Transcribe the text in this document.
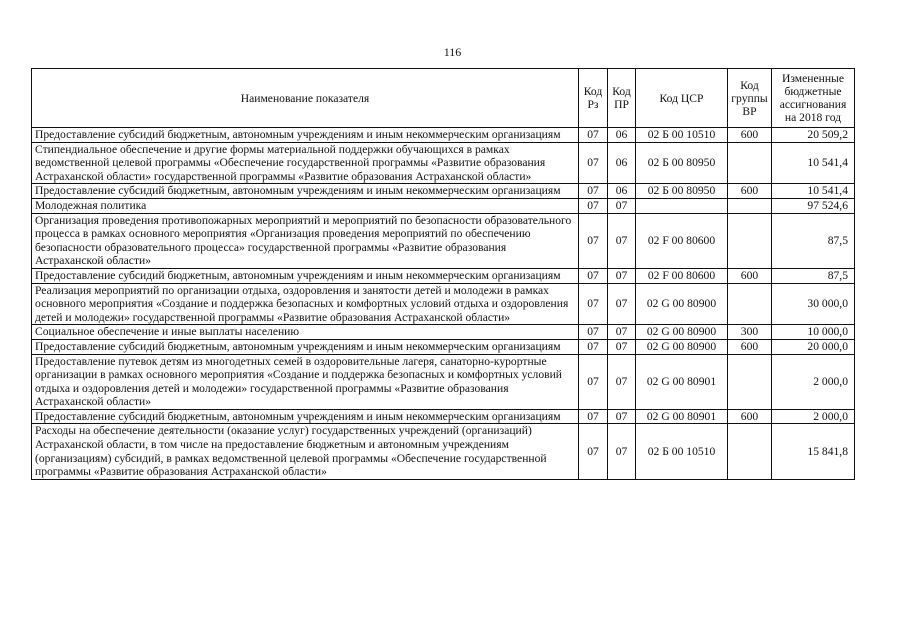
116
Наименование показателя	Код Рз	Код ПР	Код ЦСР	Код группы ВР	Измененные бюджетные ассигнования на 2018 год
Предоставление субсидий бюджетным, автономным учреждениям и иным некоммерческим организациям	07	06	02 Б 00 10510	600	20 509,2
Стипендиальное обеспечение и другие формы материальной поддержки обучающихся в рамках ведомственной целевой программы «Обеспечение государственной программы «Развитие образования Астраханской области» государственной программы «Развитие образования Астраханской области»	07	06	02 Б 00 80950		10 541,4
Предоставление субсидий бюджетным, автономным учреждениям и иным некоммерческим организациям	07	06	02 Б 00 80950	600	10 541,4
Молодежная политика	07	07			97 524,6
Организация проведения противопожарных мероприятий и мероприятий по безопасности образовательного процесса в рамках основного мероприятия «Организация проведения мероприятий по обеспечению безопасности образовательного процесса» государственной программы «Развитие образования Астраханской области»	07	07	02 F 00 80600		87,5
Предоставление субсидий бюджетным, автономным учреждениям и иным некоммерческим организациям	07	07	02 F 00 80600	600	87,5
Реализация мероприятий по организации отдыха, оздоровления и занятости детей и молодежи в рамках основного мероприятия «Создание и поддержка безопасных и комфортных условий отдыха и оздоровления детей и молодежи» государственной программы «Развитие образования Астраханской области»	07	07	02 G 00 80900		30 000,0
Социальное обеспечение и иные выплаты населению	07	07	02 G 00 80900	300	10 000,0
Предоставление субсидий бюджетным, автономным учреждениям и иным некоммерческим организациям	07	07	02 G 00 80900	600	20 000,0
Предоставление путевок детям из многодетных семей в оздоровительные лагеря, санаторно-курортные организации в рамках основного мероприятия «Создание и поддержка безопасных и комфортных условий отдыха и оздоровления детей и молодежи» государственной программы «Развитие образования Астраханской области»	07	07	02 G 00 80901		2 000,0
Предоставление субсидий бюджетным, автономным учреждениям и иным некоммерческим организациям	07	07	02 G 00 80901	600	2 000,0
Расходы на обеспечение деятельности (оказание услуг) государственных учреждений (организаций) Астраханской области, в том числе на предоставление бюджетным и автономным учреждениям (организациям) субсидий, в рамках ведомственной целевой программы «Обеспечение государственной программы «Развитие образования Астраханской области»	07	07	02 Б 00 10510		15 841,8
